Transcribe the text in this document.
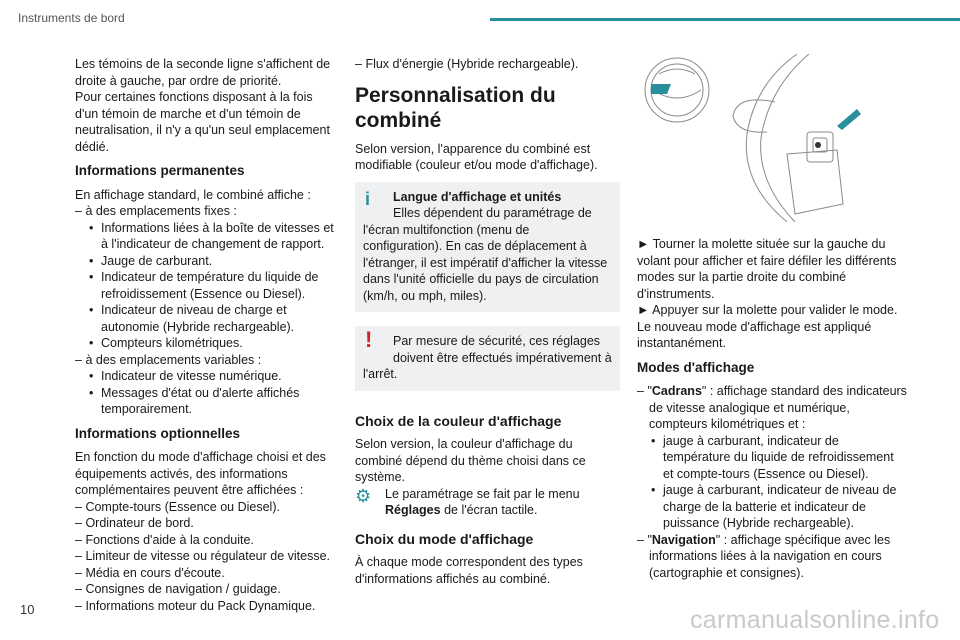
Instruments de bord

Les témoins de la seconde ligne s'affichent de droite à gauche, par ordre de priorité.

Pour certaines fonctions disposant à la fois d'un témoin de marche et d'un témoin de neutralisation, il n'y a qu'un seul emplacement dédié.

Informations permanentes

En affichage standard, le combiné affiche :

– à des emplacements fixes :

• Informations liées à la boîte de vitesses et à l'indicateur de changement de rapport.

• Jauge de carburant.

• Indicateur de température du liquide de refroidissement (Essence ou Diesel).

• Indicateur de niveau de charge et autonomie (Hybride rechargeable).

• Compteurs kilométriques.

– à des emplacements variables :

• Indicateur de vitesse numérique.

• Messages d'état ou d'alerte affichés temporairement.

Informations optionnelles

En fonction du mode d'affichage choisi et des équipements activés, des informations complémentaires peuvent être affichées :

– Compte-tours (Essence ou Diesel).

– Ordinateur de bord.

– Fonctions d'aide à la conduite.

– Limiteur de vitesse ou régulateur de vitesse.

– Média en cours d'écoute.

– Consignes de navigation / guidage.

– Informations moteur du Pack Dynamique.

– Flux d'énergie (Hybride rechargeable).

Personnalisation du combiné

Selon version, l'apparence du combiné est modifiable (couleur et/ou mode d'affichage).

i	Langue d'affichage et unités

Elles dépendent du paramétrage de

l'écran multifonction (menu de configuration). En cas de déplacement à l'étranger, il est impératif d'afficher la vitesse dans l'unité officielle du pays de circulation (km/h, ou mph, miles).

!	Par mesure de sécurité, ces réglages doivent être effectués impérativement à

l'arrêt.

Choix de la couleur d'affichage

Selon version, la couleur d'affichage du combiné dépend du thème choisi dans ce système.

⚙	Le paramétrage se fait par le menu
Réglages de l'écran tactile.

Choix du mode d'affichage

À chaque mode correspondent des types d'informations affichés au combiné.

► Tourner la molette située sur la gauche du volant pour afficher et faire défiler les différents modes sur la partie droite du combiné d'instruments.

► Appuyer sur la molette pour valider le mode. Le nouveau mode d'affichage est appliqué instantanément.

Modes d'affichage

– "Cadrans" : affichage standard des indicateurs de vitesse analogique et numérique, compteurs kilométriques et :

• jauge à carburant, indicateur de température du liquide de refroidissement et compte-tours (Essence ou Diesel).

• jauge à carburant, indicateur de niveau de charge de la batterie et indicateur de puissance (Hybride rechargeable).

– "Navigation" : affichage spécifique avec les informations liées à la navigation en cours (cartographie et consignes).

10	carmanualsonline.info
